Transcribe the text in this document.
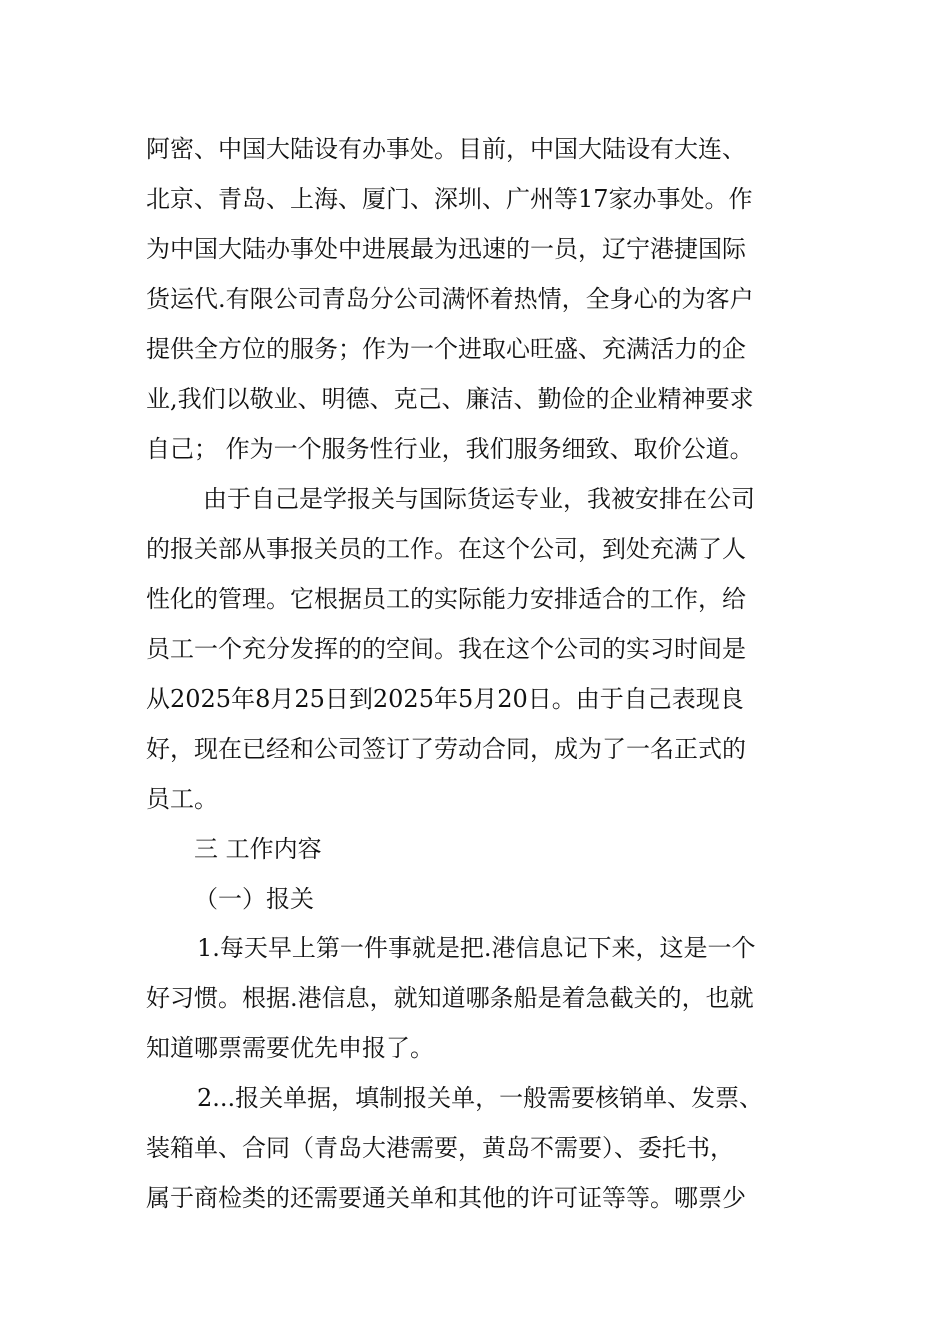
阿密、中国大陆设有办事处。目前，中国大陆设有大连、
北京、青岛、上海、厦门、深圳、广州等17家办事处。作
为中国大陆办事处中进展最为迅速的一员，辽宁港捷国际
货运代.有限公司青岛分公司满怀着热情，全身心的为客户
提供全方位的服务；作为一个进取心旺盛、充满活力的企
业,我们以敬业、明德、克己、廉洁、勤俭的企业精神要求
自己； 作为一个服务性行业，我们服务细致、取价公道。
由于自己是学报关与国际货运专业，我被安排在公司
的报关部从事报关员的工作。在这个公司，到处充满了人
性化的管理。它根据员工的实际能力安排适合的工作，给
员工一个充分发挥的的空间。我在这个公司的实习时间是
从2025年8月25日到2025年5月20日。由于自己表现良
好，现在已经和公司签订了劳动合同，成为了一名正式的
员工。
三 工作内容
（一）报关
1.每天早上第一件事就是把.港信息记下来，这是一个
好习惯。根据.港信息，就知道哪条船是着急截关的，也就
知道哪票需要优先申报了。
2...报关单据，填制报关单，一般需要核销单、发票、
装箱单、合同（青岛大港需要，黄岛不需要）、委托书，
属于商检类的还需要通关单和其他的许可证等等。哪票少
